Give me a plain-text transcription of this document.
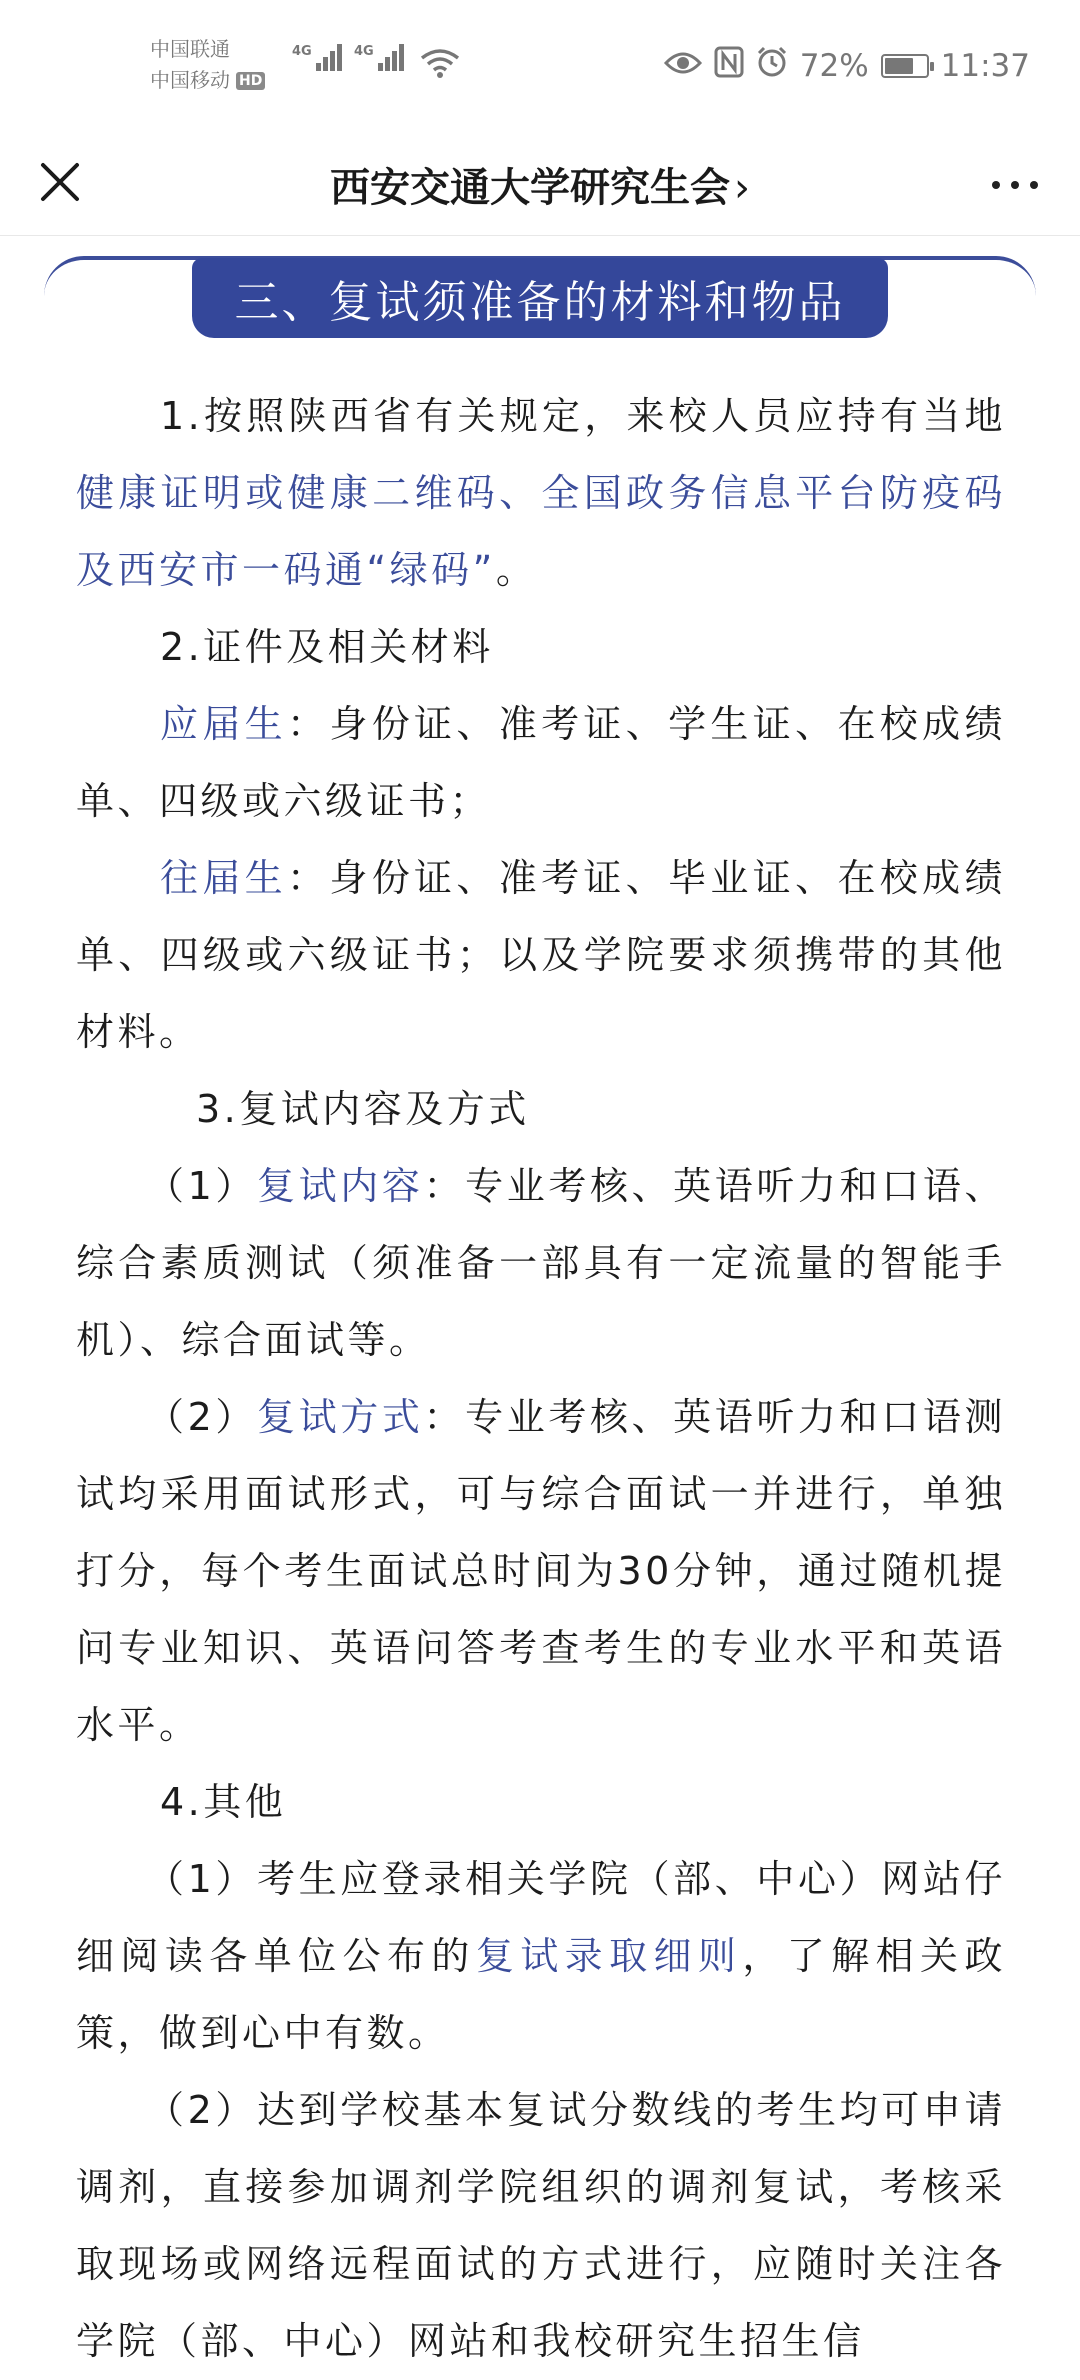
中国联通
中国移动 HD
4G	4G	72% 11:37
西安交通大学研究生会 ›
三、复试须准备的材料和物品

1.按照陕西省有关规定，来校人员应持有当地健康证明或健康二维码、全国政务信息平台防疫码及西安市一码通“绿码”。

2.证件及相关材料

应届生：身份证、准考证、学生证、在校成绩单、四级或六级证书；

往届生：身份证、准考证、毕业证、在校成绩单、四级或六级证书；以及学院要求须携带的其他材料。

3.复试内容及方式

（1）复试内容：专业考核、英语听力和口语、综合素质测试（须准备一部具有一定流量的智能手机）、综合面试等。

（2）复试方式：专业考核、英语听力和口语测试均采用面试形式，可与综合面试一并进行，单独打分，每个考生面试总时间为30分钟，通过随机提问专业知识、英语问答考查考生的专业水平和英语水平。

4.其他

（1）考生应登录相关学院（部、中心）网站仔细阅读各单位公布的复试录取细则，了解相关政策，做到心中有数。

（2）达到学校基本复试分数线的考生均可申请调剂，直接参加调剂学院组织的调剂复试，考核采取现场或网络远程面试的方式进行，应随时关注各学院（部、中心）网站和我校研究生招生信
